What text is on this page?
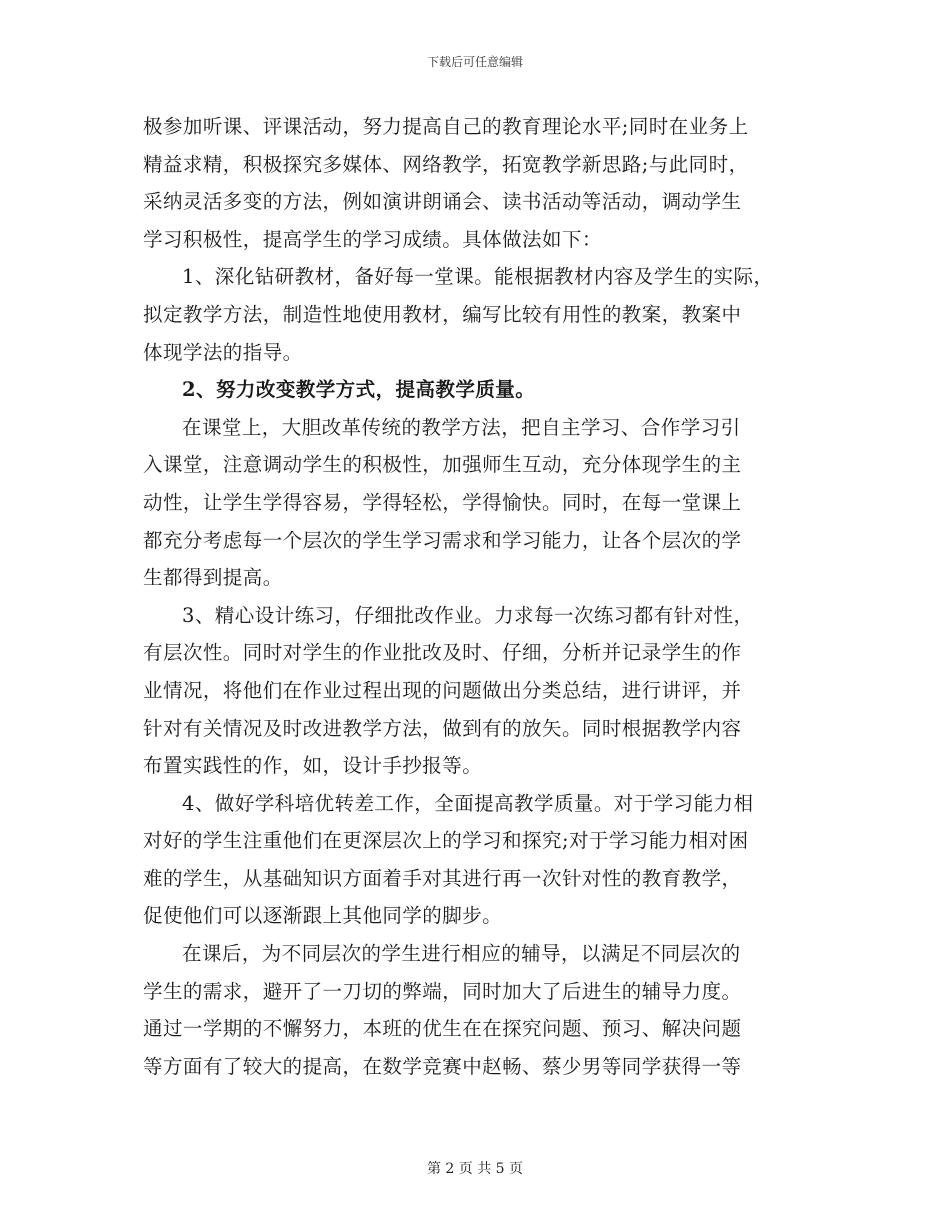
下载后可任意编辑
极参加听课、评课活动，努力提高自己的教育理论水平;同时在业务上
精益求精，积极探究多媒体、网络教学，拓宽教学新思路;与此同时，
采纳灵活多变的方法，例如演讲朗诵会、读书活动等活动，调动学生
学习积极性，提高学生的学习成绩。具体做法如下：
1、深化钻研教材，备好每一堂课。能根据教材内容及学生的实际，
拟定教学方法，制造性地使用教材，编写比较有用性的教案，教案中
体现学法的指导。
2、努力改变教学方式，提高教学质量。
在课堂上，大胆改革传统的教学方法，把自主学习、合作学习引
入课堂，注意调动学生的积极性，加强师生互动，充分体现学生的主
动性，让学生学得容易，学得轻松，学得愉快。同时，在每一堂课上
都充分考虑每一个层次的学生学习需求和学习能力，让各个层次的学
生都得到提高。
3、精心设计练习，仔细批改作业。力求每一次练习都有针对性，
有层次性。同时对学生的作业批改及时、仔细，分析并记录学生的作
业情况，将他们在作业过程出现的问题做出分类总结，进行讲评，并
针对有关情况及时改进教学方法，做到有的放矢。同时根据教学内容
布置实践性的作，如，设计手抄报等。
4、做好学科培优转差工作，全面提高教学质量。对于学习能力相
对好的学生注重他们在更深层次上的学习和探究;对于学习能力相对困
难的学生，从基础知识方面着手对其进行再一次针对性的教育教学，
促使他们可以逐渐跟上其他同学的脚步。
在课后，为不同层次的学生进行相应的辅导，以满足不同层次的
学生的需求，避开了一刀切的弊端，同时加大了后进生的辅导力度。
通过一学期的不懈努力，本班的优生在在探究问题、预习、解决问题
等方面有了较大的提高，在数学竞赛中赵畅、蔡少男等同学获得一等
第 2 页 共 5 页
